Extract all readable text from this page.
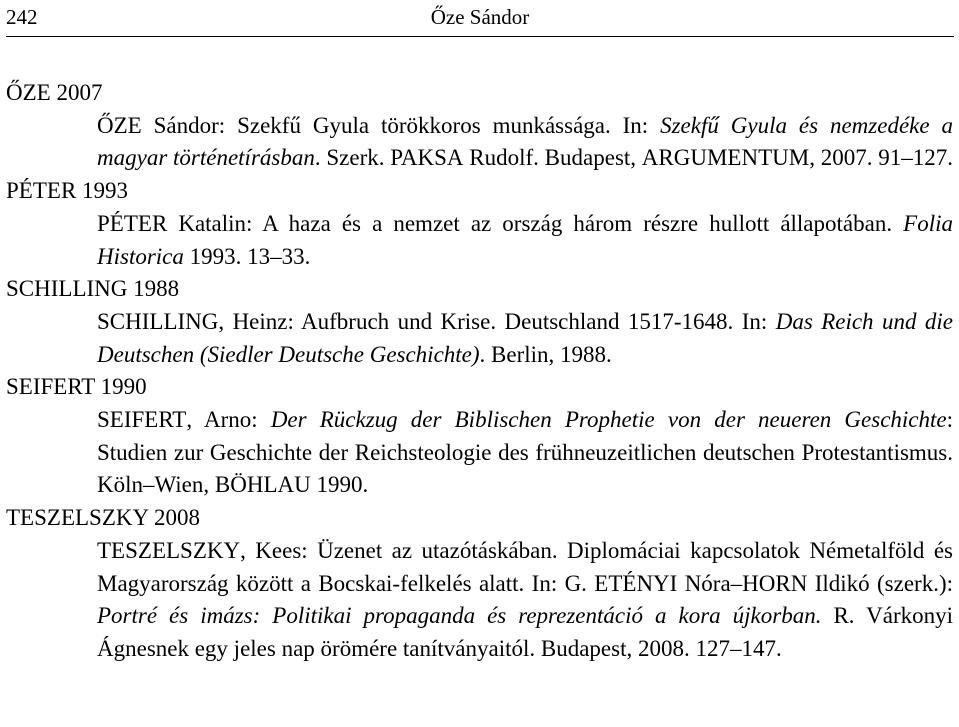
242	Őze Sándor

ŐZE 2007

ŐZE Sándor: Szekfű Gyula törökkoros munkássága. In: Szekfű Gyula és nemzedéke a magyar történetírásban. Szerk. PAKSA Rudolf. Budapest, ARGUMENTUM, 2007. 91–127.

PÉTER 1993

PÉTER Katalin: A haza és a nemzet az ország három részre hullott állapotában. Folia Historica 1993. 13–33.

SCHILLING 1988

SCHILLING, Heinz: Aufbruch und Krise. Deutschland 1517-1648. In: Das Reich und die Deutschen (Siedler Deutsche Geschichte). Berlin, 1988.

SEIFERT 1990

SEIFERT, Arno: Der Rückzug der Biblischen Prophetie von der neueren Geschichte: Studien zur Geschichte der Reichsteologie des frühneuzeitlichen deutschen Protestantismus. Köln–Wien, BÖHLAU 1990.

TESZELSZKY 2008

TESZELSZKY, Kees: Üzenet az utazótáskában. Diplomáciai kapcsolatok Németalföld és Magyarország között a Bocskai-felkelés alatt. In: G. ETÉNYI Nóra–HORN Ildikó (szerk.): Portré és imázs: Politikai propaganda és reprezentáció a kora újkorban. R. Várkonyi Ágnesnek egy jeles nap örömére tanítványaitól. Budapest, 2008. 127–147.
